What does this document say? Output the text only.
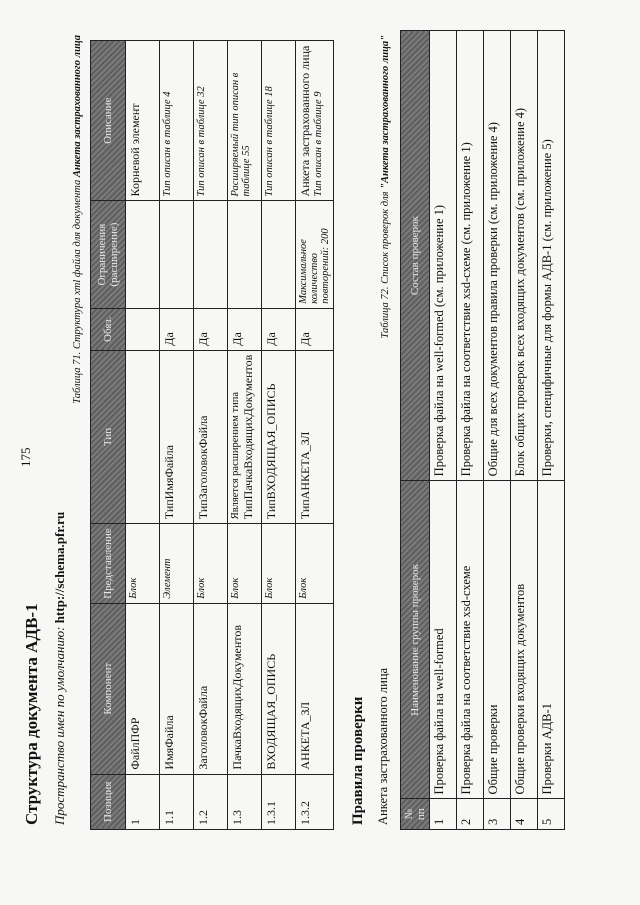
175
Структура документа АДВ-1 Пространство имен по умолчанию: http://schema.pfr.ru
Таблица 71. Структура xml файла для документа Анкета застрахованного лица
Позиция	Компонент	Представление	Тип	Обяз.	Ограничения (расширение)	Описание
1	ФайлПФР	Блок				Корневой элемент

1.1	ИмяФайла	Элемент	ТипИмяФайла	Да		Тип описан в таблице 4
1.2	ЗаголовокФайла	Блок	ТипЗаголовокФайла	Да		Тип описан в таблице 32
1.3	ПачкаВходящихДокументов	Блок	Является расширением типа ТипПачкаВходящихДокументов	Да		Расширяемый тип описан в таблице 55
1.3.1	ВХОДЯЩАЯ_ОПИСЬ	Блок	ТипВХОДЯЩАЯ_ОПИСЬ	Да		Тип описан в таблице 18
1.3.2	АНКЕТА_ЗЛ	Блок	ТипАНКЕТА_ЗЛ	Да	Максимальное количество повторений: 200	Анкета застрахованного лица Тип описан в таблице 9
Правила проверки Анкета застрахованного лица
Таблица 72. Список проверок для "Анкета застрахованного лица"
№ пп	Наименование группы проверок	Состав проверок
1	Проверка файла на well-formed	Проверка файла на well-formed (см. приложение 1)
2	Проверка файла на соответствие xsd-схеме	Проверка файла на соответствие xsd-схеме (см. приложение 1)
3	Общие проверки	Общие для всех документов правила проверки (см. приложение 4)
4	Общие проверки входящих документов	Блок общих проверок всех входящих документов (см. приложение 4)
5	Проверки АДВ-1	Проверки, специфичные для формы АДВ-1 (см. приложение 5)
